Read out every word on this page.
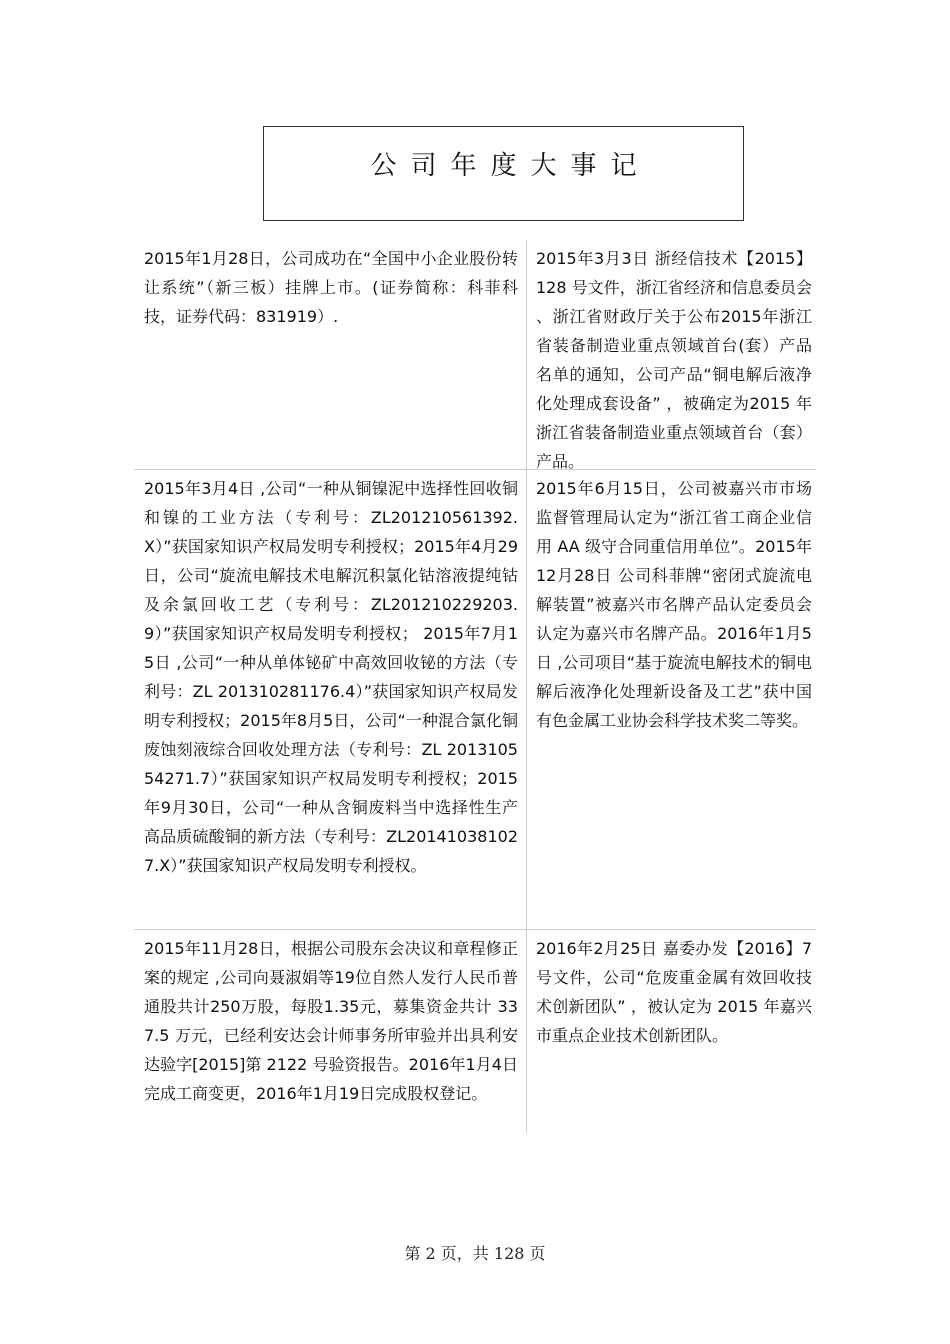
公司年度大事记
2015年1月28日，公司成功在“全国中小企业股份转让系统”（新三板）挂牌上市。(证券简称：科菲科技，证券代码：831919）.
2015年3月3日 浙经信技术【2015】128 号文件，浙江省经济和信息委员会 、浙江省财政厅关于公布2015年浙江省装备制造业重点领域首台(套）产品名单的通知，公司产品“铜电解后液净化处理成套设备” ，被确定为2015 年浙江省装备制造业重点领域首台（套）产品。
2015年3月4日 ,公司“一种从铜镍泥中选择性回收铜和镍的工业方法（专利号：ZL201210561392.X）”获国家知识产权局发明专利授权；2015年4月29日，公司“旋流电解技术电解沉积氯化钴溶液提纯钴及余氯回收工艺（专利号：ZL201210229203.9）”获国家知识产权局发明专利授权； 2015年7月15日 ,公司“一种从单体铋矿中高效回收铋的方法（专利号：ZL 201310281176.4）”获国家知识产权局发明专利授权；2015年8月5日，公司“一种混合氯化铜废蚀刻液综合回收处理方法（专利号：ZL 201310554271.7）”获国家知识产权局发明专利授权；2015年9月30日，公司“一种从含铜废料当中选择性生产高品质硫酸铜的新方法（专利号：ZL201410381027.X）”获国家知识产权局发明专利授权。
2015年6月15日，公司被嘉兴市市场监督管理局认定为“浙江省工商企业信用 AA 级守合同重信用单位”。2015年12月28日 公司科菲牌“密闭式旋流电解装置”被嘉兴市名牌产品认定委员会认定为嘉兴市名牌产品。2016年1月5日 ,公司项目“基于旋流电解技术的铜电解后液净化处理新设备及工艺”获中国有色金属工业协会科学技术奖二等奖。
2015年11月28日，根据公司股东会决议和章程修正案的规定 ,公司向聂淑娟等19位自然人发行人民币普通股共计250万股，每股1.35元，募集资金共计 337.5 万元，已经利安达会计师事务所审验并出具利安达验字[2015]第 2122 号验资报告。2016年1月4日完成工商变更，2016年1月19日完成股权登记。
2016年2月25日 嘉委办发【2016】7 号文件，公司“危废重金属有效回收技术创新团队” ，被认定为 2015 年嘉兴市重点企业技术创新团队。
第 2 页，共 128 页
